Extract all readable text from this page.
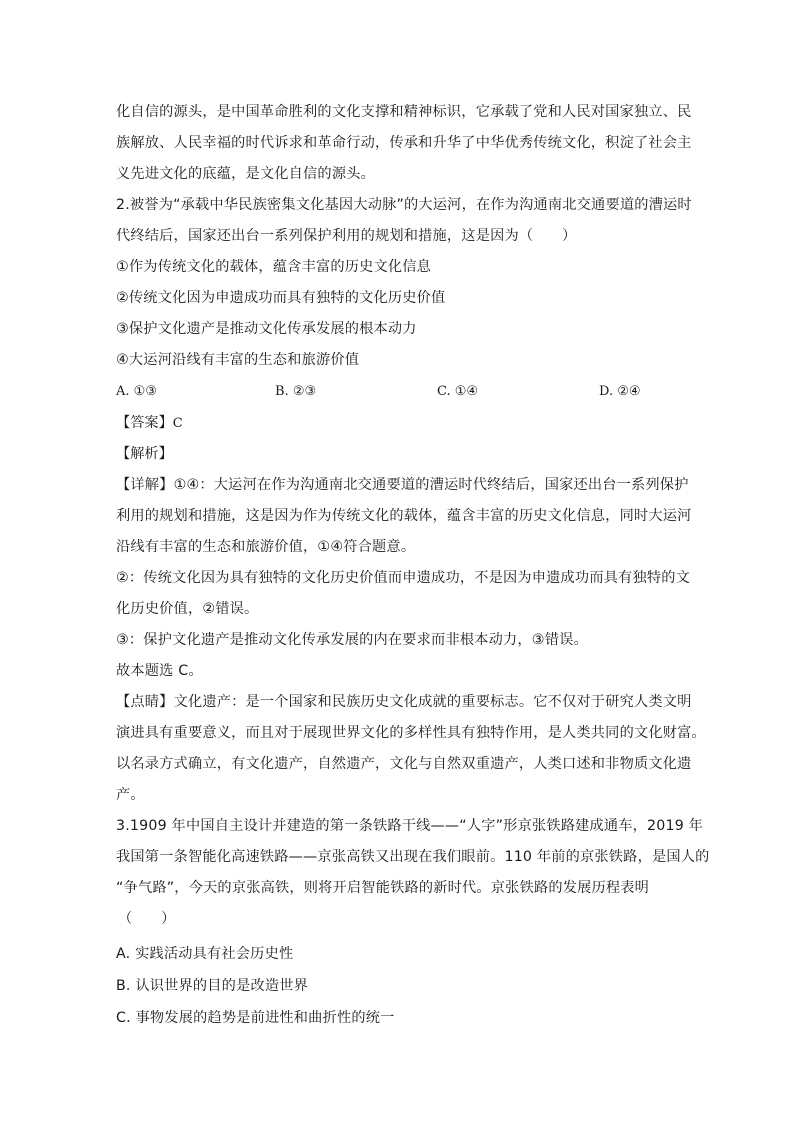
化自信的源头，是中国革命胜利的文化支撑和精神标识，它承载了党和人民对国家独立、民
族解放、人民幸福的时代诉求和革命行动，传承和升华了中华优秀传统文化，积淀了社会主
义先进文化的底蕴，是文化自信的源头。
2.被誉为“承载中华民族密集文化基因大动脉”的大运河，在作为沟通南北交通要道的漕运时
代终结后，国家还出台一系列保护利用的规划和措施，这是因为（　　）
①作为传统文化的载体，蕴含丰富的历史文化信息
②传统文化因为申遗成功而具有独特的文化历史价值
③保护文化遗产是推动文化传承发展的根本动力
④大运河沿线有丰富的生态和旅游价值
A. ①③	B. ②③	C. ①④	D. ②④
【答案】C
【解析】
【详解】①④：大运河在作为沟通南北交通要道的漕运时代终结后，国家还出台一系列保护
利用的规划和措施，这是因为作为传统文化的载体，蕴含丰富的历史文化信息，同时大运河
沿线有丰富的生态和旅游价值，①④符合题意。
②：传统文化因为具有独特的文化历史价值而申遗成功，不是因为申遗成功而具有独特的文
化历史价值，②错误。
③：保护文化遗产是推动文化传承发展的内在要求而非根本动力，③错误。
故本题选 C。
【点睛】文化遗产：是一个国家和民族历史文化成就的重要标志。它不仅对于研究人类文明
演进具有重要意义，而且对于展现世界文化的多样性具有独特作用，是人类共同的文化财富。
以名录方式确立，有文化遗产，自然遗产，文化与自然双重遗产，人类口述和非物质文化遗
产。
3.1909 年中国自主设计并建造的第一条铁路干线——“人字”形京张铁路建成通车，2019 年
我国第一条智能化高速铁路——京张高铁又出现在我们眼前。110 年前的京张铁路，是国人的
“争气路”，今天的京张高铁，则将开启智能铁路的新时代。京张铁路的发展历程表明
（　　）
A. 实践活动具有社会历史性
B. 认识世界的目的是改造世界
C. 事物发展的趋势是前进性和曲折性的统一
